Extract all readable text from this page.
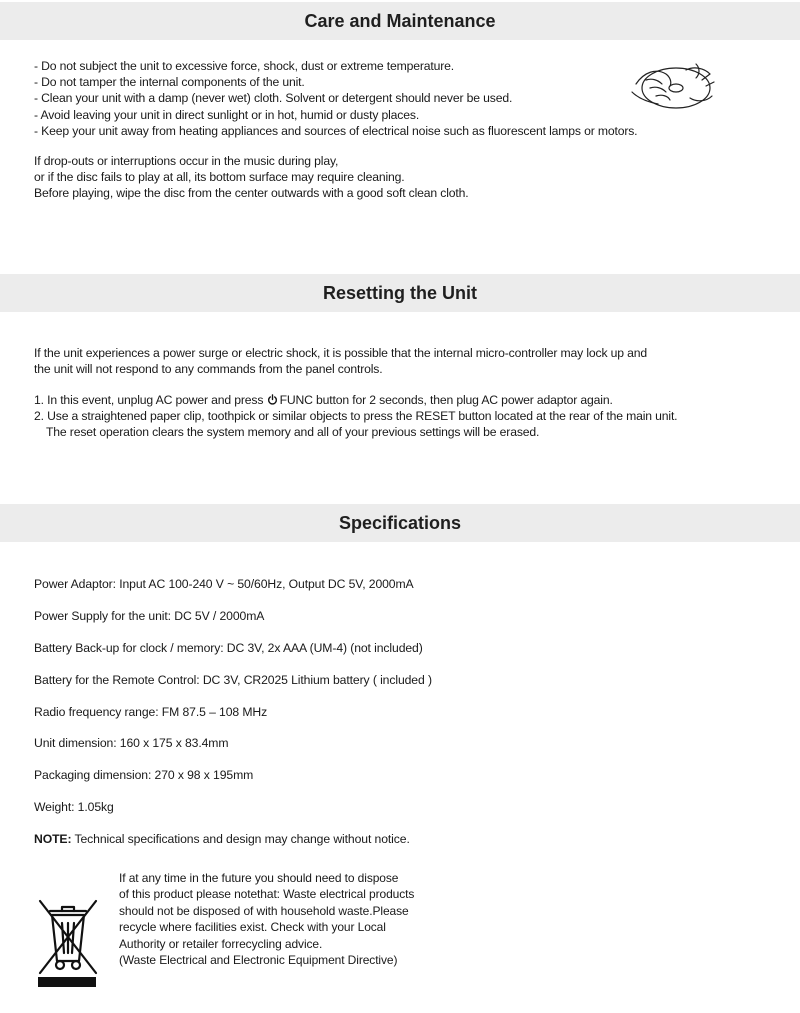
Care and Maintenance
- Do not subject the unit to excessive force, shock, dust or extreme temperature.
- Do not tamper the internal components of the unit.
- Clean your unit with a damp (never wet) cloth. Solvent or detergent should never be used.
- Avoid leaving your unit in direct sunlight or in hot, humid or dusty places.
- Keep your unit away from heating appliances and sources of electrical noise such as fluorescent lamps or motors.
If drop-outs or interruptions occur in the music during play,
or if the disc fails to play at all, its bottom surface may require cleaning.
Before playing, wipe the disc from the center outwards with a good soft clean cloth.
Resetting the Unit
If the unit experiences a power surge or electric shock, it is possible that the internal micro-controller may lock up and
the unit will not respond to any commands from the panel controls.
1. In this event, unplug AC power and press FUNC button for 2 seconds, then plug AC power adaptor again.
2. Use a straightened paper clip, toothpick or similar objects to press the RESET button located at the rear of the main unit.
The reset operation clears the system memory and all of your previous settings will be erased.
Specifications
Power Adaptor: Input AC 100-240 V ~ 50/60Hz, Output DC 5V, 2000mA
Power Supply for the unit: DC 5V / 2000mA
Battery Back-up for clock / memory: DC 3V, 2x AAA (UM-4) (not included)
Battery for the Remote Control: DC 3V, CR2025 Lithium battery ( included )
Radio frequency range: FM 87.5 – 108 MHz
Unit dimension: 160 x 175 x 83.4mm
Packaging dimension: 270 x 98 x 195mm
Weight: 1.05kg
NOTE: Technical specifications and design may change without notice.
If at any time in the future you should need to dispose
of this product please notethat: Waste electrical products
should not be disposed of with household waste.Please
recycle where facilities exist. Check with your Local
Authority or retailer forrecycling advice.
(Waste Electrical and Electronic Equipment Directive)
